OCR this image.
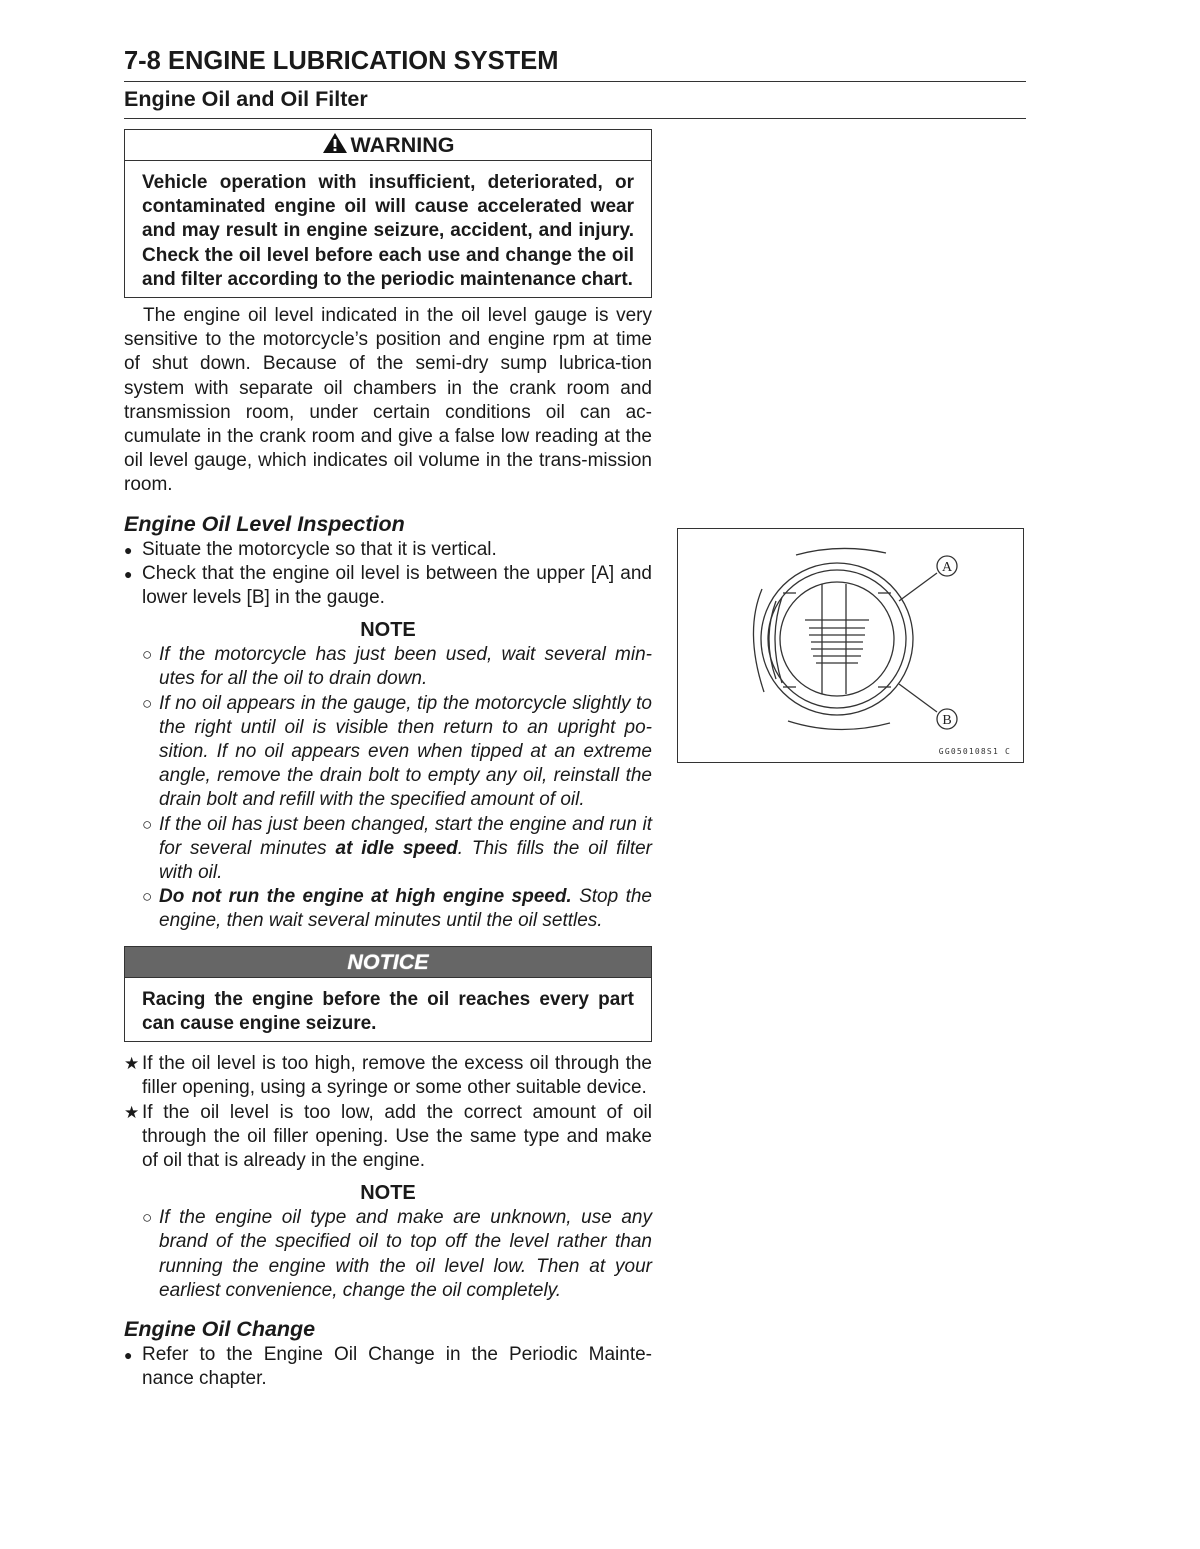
7-8 ENGINE LUBRICATION SYSTEM
Engine Oil and Oil Filter
WARNING
Vehicle operation with insufficient, deteriorated, or contaminated engine oil will cause accelerated wear and may result in engine seizure, accident, and injury. Check the oil level before each use and change the oil and filter according to the periodic maintenance chart.
The engine oil level indicated in the oil level gauge is very sensitive to the motorcycle’s position and engine rpm at time of shut down. Because of the semi-dry sump lubrica-tion system with separate oil chambers in the crank room and transmission room, under certain conditions oil can ac-cumulate in the crank room and give a false low reading at the oil level gauge, which indicates oil volume in the trans-mission room.
Engine Oil Level Inspection
● Situate the motorcycle so that it is vertical.
● Check that the engine oil level is between the upper [A] and lower levels [B] in the gauge.
NOTE
○ If the motorcycle has just been used, wait several min-utes for all the oil to drain down.
○ If no oil appears in the gauge, tip the motorcycle slightly to the right until oil is visible then return to an upright po-sition. If no oil appears even when tipped at an extreme angle, remove the drain bolt to empty any oil, reinstall the drain bolt and refill with the specified amount of oil.
○ If the oil has just been changed, start the engine and run it for several minutes at idle speed. This fills the oil filter with oil.
○ Do not run the engine at high engine speed. Stop the engine, then wait several minutes until the oil settles.
NOTICE
Racing the engine before the oil reaches every part can cause engine seizure.
★ If the oil level is too high, remove the excess oil through the filler opening, using a syringe or some other suitable device.
★ If the oil level is too low, add the correct amount of oil through the oil filler opening. Use the same type and make of oil that is already in the engine.
NOTE
○ If the engine oil type and make are unknown, use any brand of the specified oil to top off the level rather than running the engine with the oil level low. Then at your earliest convenience, change the oil completely.
Engine Oil Change
● Refer to the Engine Oil Change in the Periodic Mainte-nance chapter.
A
B
GG050108S1 C
